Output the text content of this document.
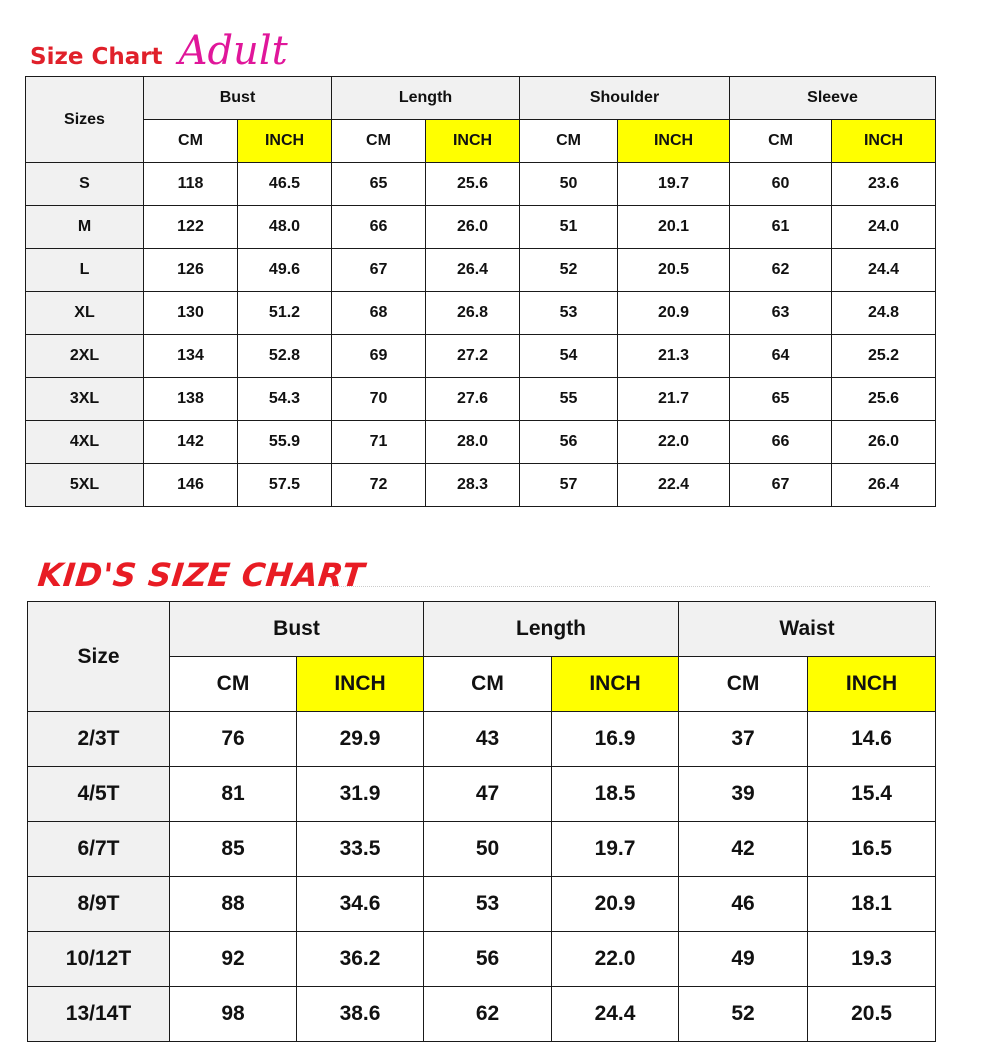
Size Chart Adult
Sizes	Bust		Length		Shoulder		Sleeve	
	CM	INCH	CM	INCH	CM	INCH	CM	INCH
S	118	46.5	65	25.6	50	19.7	60	23.6
M	122	48.0	66	26.0	51	20.1	61	24.0
L	126	49.6	67	26.4	52	20.5	62	24.4
XL	130	51.2	68	26.8	53	20.9	63	24.8
2XL	134	52.8	69	27.2	54	21.3	64	25.2
3XL	138	54.3	70	27.6	55	21.7	65	25.6
4XL	142	55.9	71	28.0	56	22.0	66	26.0
5XL	146	57.5	72	28.3	57	22.4	67	26.4
KID'S SIZE CHART
Size	Bust		Length		Waist	
	CM	INCH	CM	INCH	CM	INCH
2/3T	76	29.9	43	16.9	37	14.6
4/5T	81	31.9	47	18.5	39	15.4
6/7T	85	33.5	50	19.7	42	16.5
8/9T	88	34.6	53	20.9	46	18.1
10/12T	92	36.2	56	22.0	49	19.3
13/14T	98	38.6	62	24.4	52	20.5
